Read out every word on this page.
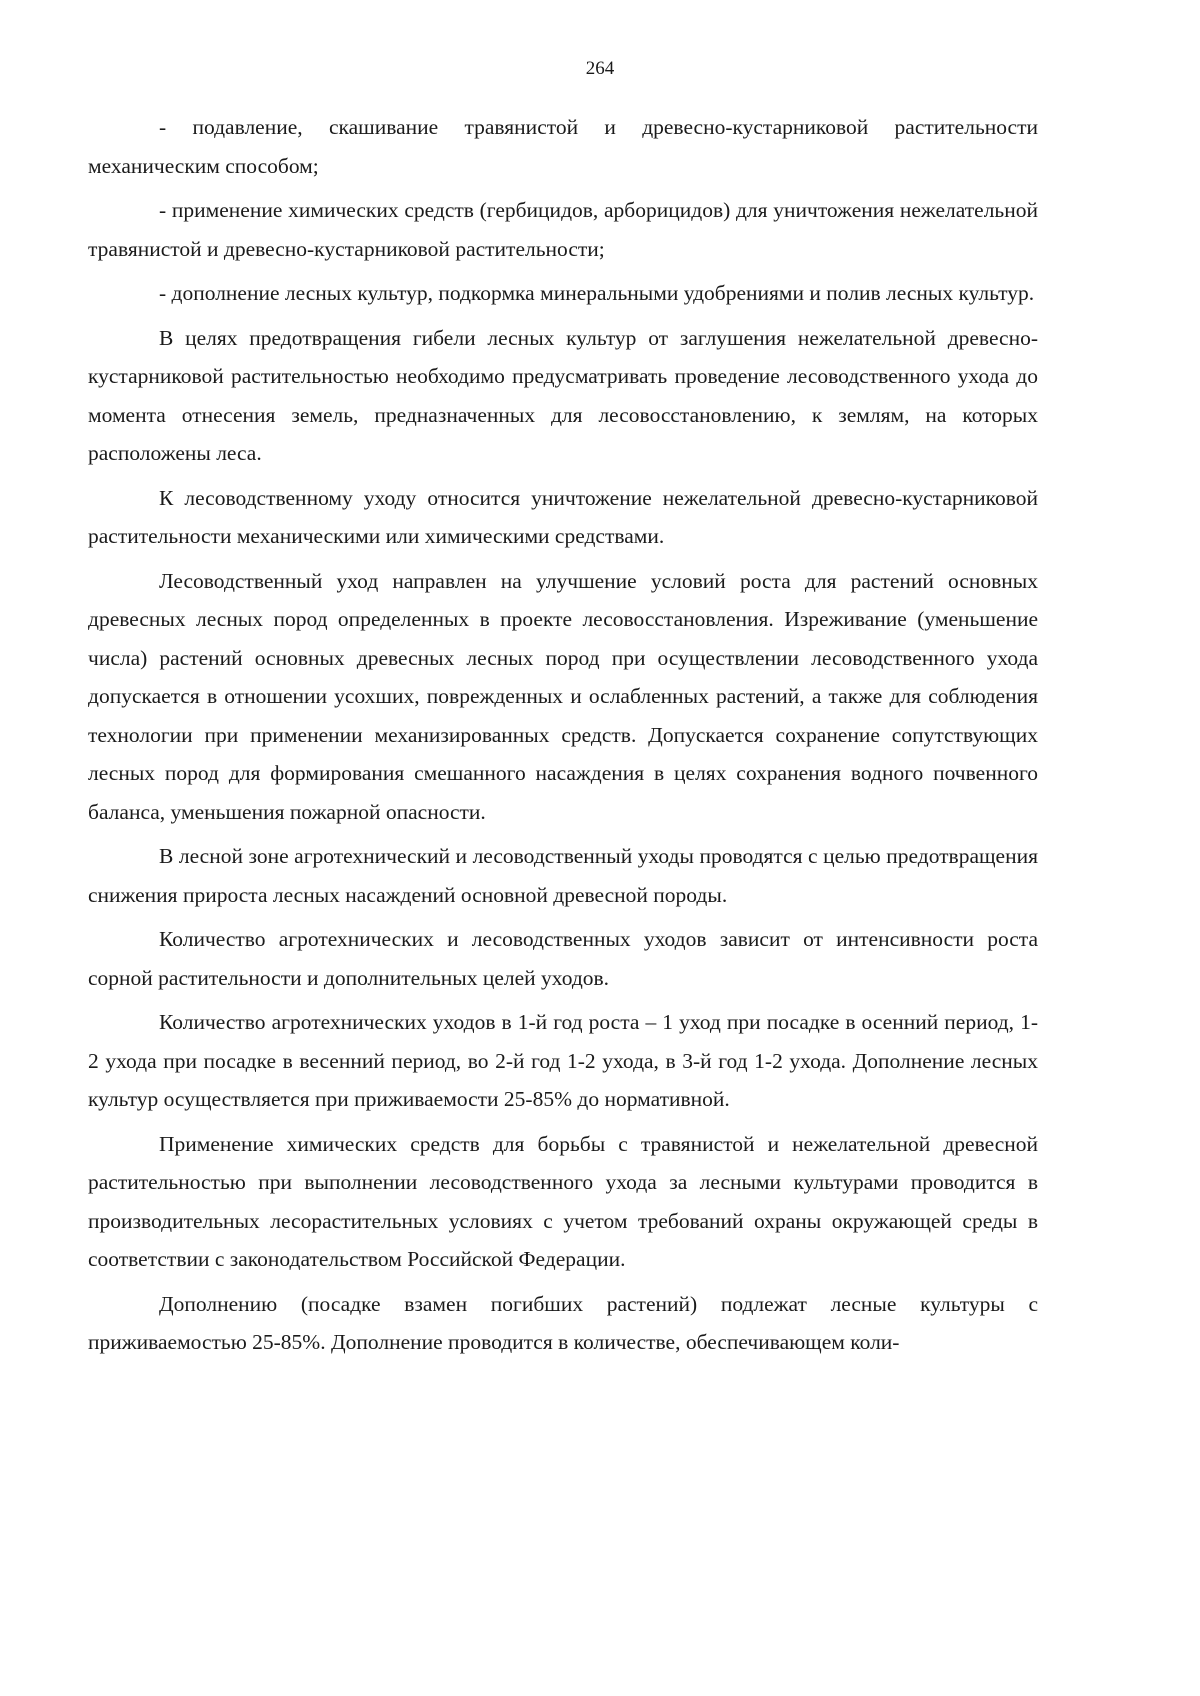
264

- подавление, скашивание травянистой и древесно-кустарниковой растительности механическим способом;

- применение химических средств (гербицидов, арборицидов) для уничтожения нежелательной травянистой и древесно-кустарниковой растительности;

- дополнение лесных культур, подкормка минеральными удобрениями и полив лесных культур.

В целях предотвращения гибели лесных культур от заглушения нежелательной древесно-кустарниковой растительностью необходимо предусматривать проведение лесоводственного ухода до момента отнесения земель, предназначенных для лесовосстановлению, к землям, на которых расположены леса.

К лесоводственному уходу относится уничтожение нежелательной древесно-кустарниковой растительности механическими или химическими средствами.

Лесоводственный уход направлен на улучшение условий роста для растений основных древесных лесных пород определенных в проекте лесовосстановления. Изреживание (уменьшение числа) растений основных древесных лесных пород при осуществлении лесоводственного ухода допускается в отношении усохших, поврежденных и ослабленных растений, а также для соблюдения технологии при применении механизированных средств. Допускается сохранение сопутствующих лесных пород для формирования смешанного насаждения в целях сохранения водного почвенного баланса, уменьшения пожарной опасности.

В лесной зоне агротехнический и лесоводственный уходы проводятся с целью предотвращения снижения прироста лесных насаждений основной древесной породы.

Количество агротехнических и лесоводственных уходов зависит от интенсивности роста сорной растительности и дополнительных целей уходов.

Количество агротехнических уходов в 1-й год роста – 1 уход при посадке в осенний период, 1-2 ухода при посадке в весенний период, во 2-й год 1-2 ухода, в 3-й год 1-2 ухода. Дополнение лесных культур осуществляется при приживаемости 25-85% до нормативной.

Применение химических средств для борьбы с травянистой и нежелательной древесной растительностью при выполнении лесоводственного ухода за лесными культурами проводится в производительных лесорастительных условиях с учетом требований охраны окружающей среды в соответствии с законодательством Российской Федерации.

Дополнению (посадке взамен погибших растений) подлежат лесные культуры с приживаемостью 25-85%. Дополнение проводится в количестве, обеспечивающем коли-
